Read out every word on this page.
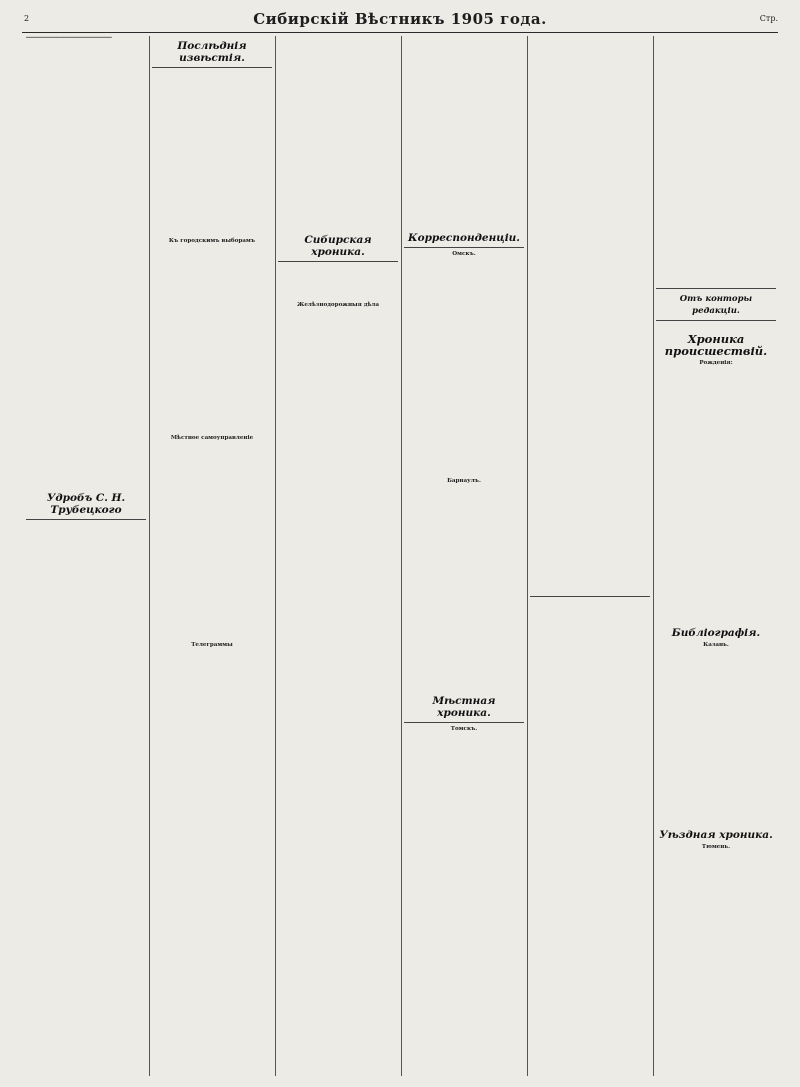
2	Сибирскій Вѣстникъ 1905 года.	Стр.
═══════════════════════════════
Удробъ С. Н. Трубецкого
Послѣднія извѣстія.
Къ городскимъ выборамъ
Мѣстное самоуправленіе
Телеграммы
Сибирская хроника.
Желѣзнодорожныя дѣла
Корреспонденціи.
Омскъ.
Барнаулъ.
Мѣстная хроника.
Томскъ.
Отъ конторы редакціи.
Хроника происшествій.
Рожденія:
Библіографія.
Казань.
Уѣздная хроника.
Тюмень.
